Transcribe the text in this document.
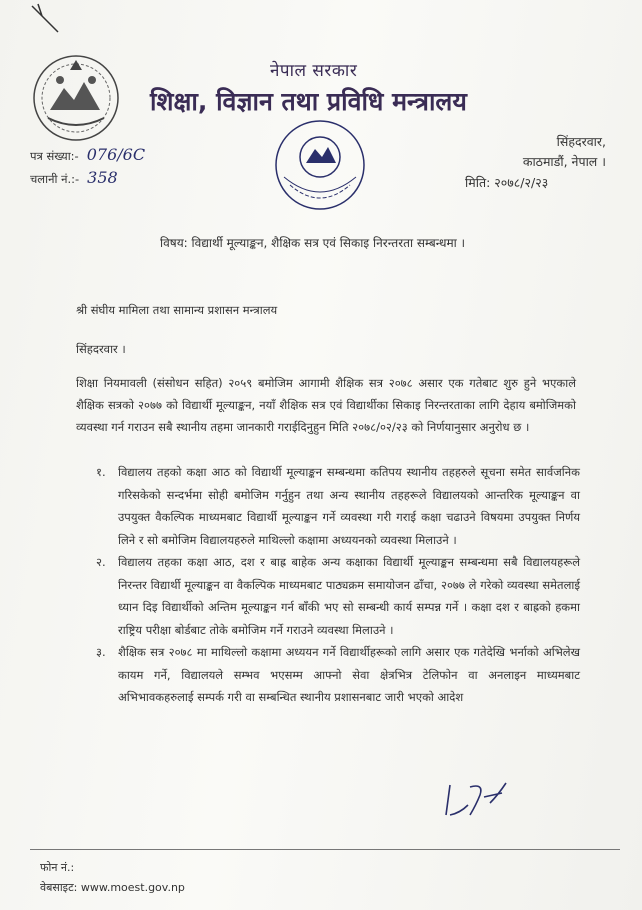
नेपाल सरकार
शिक्षा, विज्ञान तथा प्रविधि मन्त्रालय
सिंहदरवार,
काठमाडौं, नेपाल ।
मिति: २०७८/२/२३
पत्र संख्या:- 076/6C
चलानी नं.:- 358
विषय: विद्यार्थी मूल्याङ्कन, शैक्षिक सत्र एवं सिकाइ निरन्तरता सम्बन्धमा ।
श्री संघीय मामिला तथा सामान्य प्रशासन मन्त्रालय
सिंहदरवार ।
शिक्षा नियमावली (संसोधन सहित) २०५९ बमोजिम आगामी शैक्षिक सत्र २०७८ असार एक गतेबाट शुरु हुने भएकाले शैक्षिक सत्रको २०७७ को विद्यार्थी मूल्याङ्कन, नयाँ शैक्षिक सत्र एवं विद्यार्थीका सिकाइ निरन्तरताका लागि देहाय बमोजिमको व्यवस्था गर्न गराउन सबै स्थानीय तहमा जानकारी गराईदिनुहुन मिति २०७८/०२/२३ को निर्णयानुसार अनुरोध छ ।
१.	विद्यालय तहको कक्षा आठ को विद्यार्थी मूल्याङ्कन सम्बन्धमा कतिपय स्थानीय तहहरुले सूचना समेत सार्वजनिक गरिसकेको सन्दर्भमा सोही बमोजिम गर्नुहुन तथा अन्य स्थानीय तहहरूले विद्यालयको आन्तरिक मूल्याङ्कन वा उपयुक्त वैकल्पिक माध्यमबाट विद्यार्थी मूल्याङ्कन गर्ने व्यवस्था गरी गराई कक्षा चढाउने विषयमा उपयुक्त निर्णय लिने र सो बमोजिम विद्यालयहरुले माथिल्लो कक्षामा अध्ययनको व्यवस्था मिलाउने ।
२.	विद्यालय तहका कक्षा आठ, दश र बाह्र बाहेक अन्य कक्षाका विद्यार्थी मूल्याङ्कन सम्बन्धमा सबै विद्यालयहरूले निरन्तर विद्यार्थी मूल्याङ्कन वा वैकल्पिक माध्यमबाट पाठ्यक्रम समायोजन ढाँचा, २०७७ ले गरेको व्यवस्था समेतलाई ध्यान दिइ विद्यार्थीको अन्तिम मूल्याङ्कन गर्न बाँकी भए सो सम्बन्धी कार्य सम्पन्न गर्ने । कक्षा दश र बाह्रको हकमा राष्ट्रिय परीक्षा बोर्डबाट तोके बमोजिम गर्ने गराउने व्यवस्था मिलाउने ।
३.	शैक्षिक सत्र २०७८ मा माथिल्लो कक्षामा अध्ययन गर्ने विद्यार्थीहरूको लागि असार एक गतेदेखि भर्नाको अभिलेख कायम गर्ने, विद्यालयले सम्भव भएसम्म आफ्नो सेवा क्षेत्रभित्र टेलिफोन वा अनलाइन माध्यमबाट अभिभावकहरुलाई सम्पर्क गरी वा सम्बन्धित स्थानीय प्रशासनबाट जारी भएको आदेश
फोन नं.:
वेबसाइट: www.moest.gov.np
